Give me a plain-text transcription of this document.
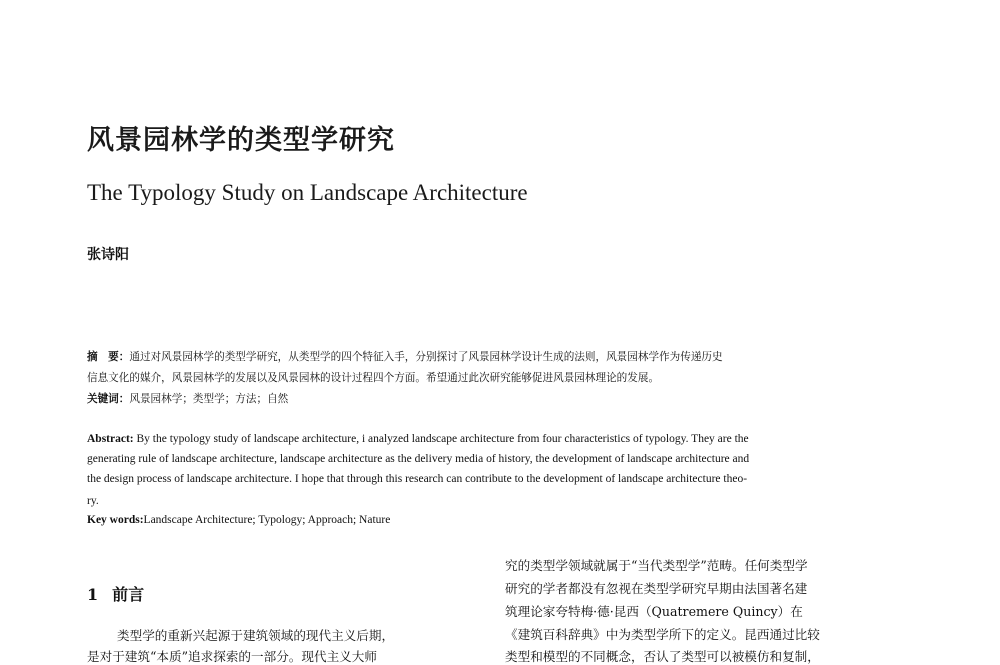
风景园林学的类型学研究
The Typology Study on Landscape Architecture
张诗阳
摘　要：通过对风景园林学的类型学研究，从类型学的四个特征入手，分别探讨了风景园林学设计生成的法则，风景园林学作为传递历史
信息文化的媒介，风景园林学的发展以及风景园林的设计过程四个方面。希望通过此次研究能够促进风景园林理论的发展。
关键词：风景园林学；类型学；方法；自然
Abstract: By the typology study of landscape architecture, i analyzed landscape architecture from four characteristics of typology. They are the
generating rule of landscape architecture, landscape architecture as the delivery media of history, the development of landscape architecture and
the design process of landscape architecture. I hope that through this research can contribute to the development of landscape architecture theo-
ry.
Key words:Landscape Architecture; Typology; Approach; Nature
1 前言
类型学的重新兴起源于建筑领域的现代主义后期，
是对于建筑“本质”追求探索的一部分。现代主义大师
究的类型学领域就属于“当代类型学”范畴。任何类型学
研究的学者都没有忽视在类型学研究早期由法国著名建
筑理论家夸特梅·德·昆西（Quatremere Quincy）在
《建筑百科辞典》中为类型学所下的定义。昆西通过比较
类型和模型的不同概念，否认了类型可以被模仿和复制，
